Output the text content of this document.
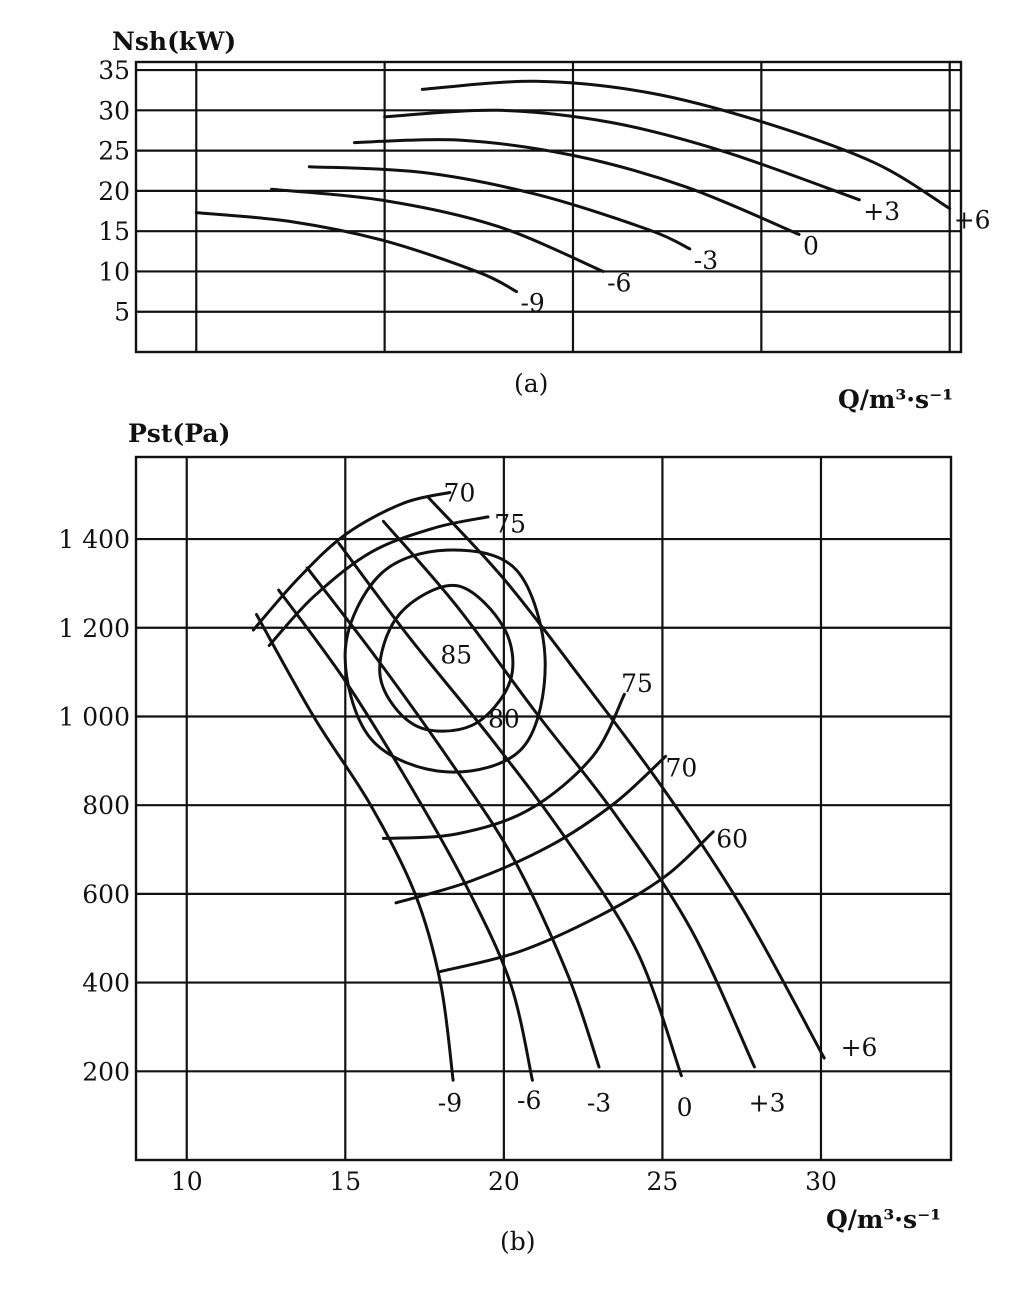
5
10
15
20
25
30
35
-9
-6
-3	0
+3 +6
Nsh(kW)
Q/m³·s⁻¹
(a)
10	15	20	25	30
200
400
600
800
1 000
1 200
1 400
-9 -6 -3	0 +3
+6
70
75
85
80
75
70
60
Pst(Pa)
Q/m³·s⁻¹
(b)
